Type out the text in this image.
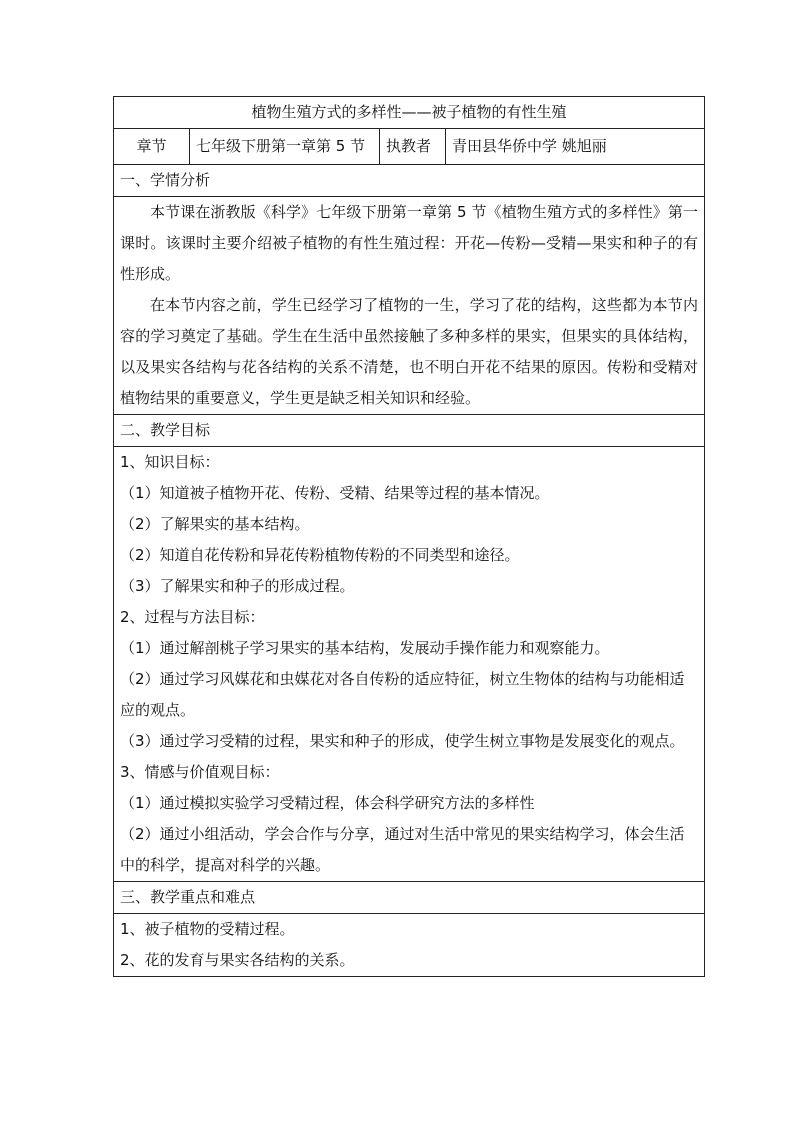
植物生殖方式的多样性——被子植物的有性生殖
章节	七年级下册第一章第 5 节	执教者	青田县华侨中学 姚旭丽
一、学情分析

本节课在浙教版《科学》七年级下册第一章第 5 节《植物生殖方式的多样性》第一课时。该课时主要介绍被子植物的有性生殖过程：开花—传粉—受精—果实和种子的有性形成。

在本节内容之前，学生已经学习了植物的一生，学习了花的结构，这些都为本节内容的学习奠定了基础。学生在生活中虽然接触了多种多样的果实，但果实的具体结构，以及果实各结构与花各结构的关系不清楚，也不明白开花不结果的原因。传粉和受精对植物结果的重要意义，学生更是缺乏相关知识和经验。

二、教学目标

1、知识目标：

（1）知道被子植物开花、传粉、受精、结果等过程的基本情况。

（2）了解果实的基本结构。

（2）知道自花传粉和异花传粉植物传粉的不同类型和途径。

（3）了解果实和种子的形成过程。

2、过程与方法目标：

（1）通过解剖桃子学习果实的基本结构，发展动手操作能力和观察能力。

（2）通过学习风媒花和虫媒花对各自传粉的适应特征，树立生物体的结构与功能相适应的观点。

（3）通过学习受精的过程，果实和种子的形成，使学生树立事物是发展变化的观点。

3、情感与价值观目标：

（1）通过模拟实验学习受精过程，体会科学研究方法的多样性

（2）通过小组活动，学会合作与分享，通过对生活中常见的果实结构学习，体会生活中的科学，提高对科学的兴趣。

三、教学重点和难点

1、被子植物的受精过程。

2、花的发育与果实各结构的关系。
